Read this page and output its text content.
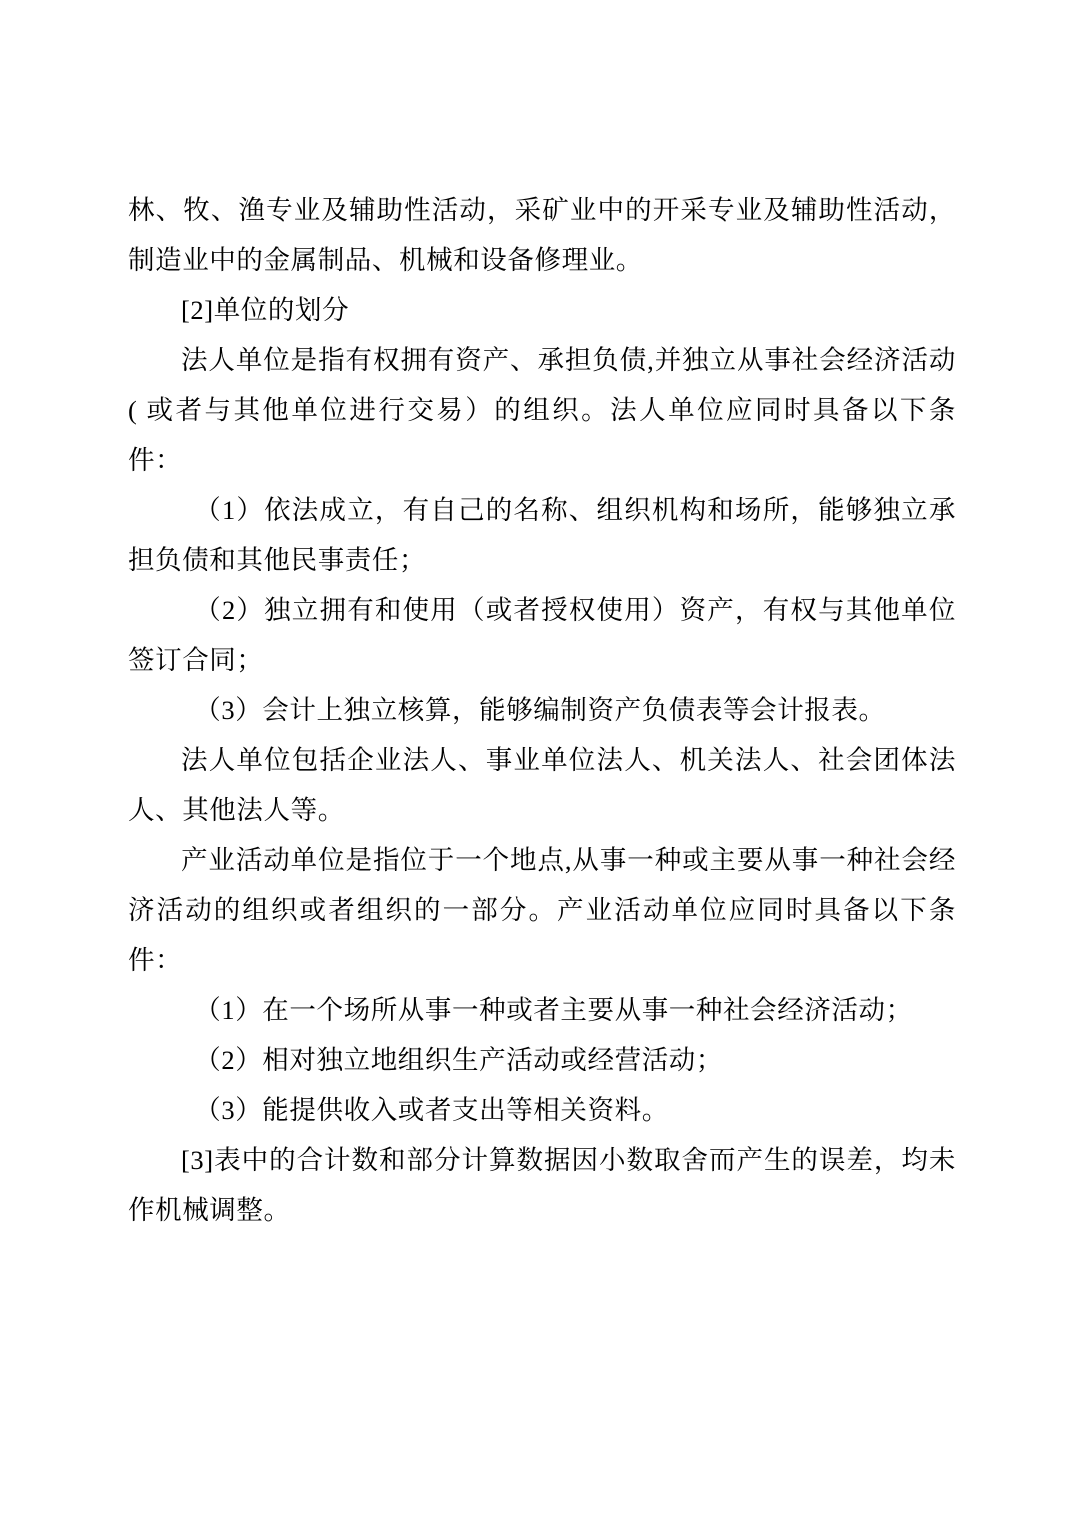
林、牧、渔专业及辅助性活动，采矿业中的开采专业及辅助性活动，制造业中的金属制品、机械和设备修理业。

[2]单位的划分

法人单位是指有权拥有资产、承担负债,并独立从事社会经济活动( 或者与其他单位进行交易）的组织。法人单位应同时具备以下条件：

（1）依法成立，有自己的名称、组织机构和场所，能够独立承担负债和其他民事责任；

（2）独立拥有和使用（或者授权使用）资产，有权与其他单位签订合同；

（3）会计上独立核算，能够编制资产负债表等会计报表。

法人单位包括企业法人、事业单位法人、机关法人、社会团体法人、其他法人等。

产业活动单位是指位于一个地点,从事一种或主要从事一种社会经济活动的组织或者组织的一部分。产业活动单位应同时具备以下条件：

（1）在一个场所从事一种或者主要从事一种社会经济活动；

（2）相对独立地组织生产活动或经营活动；

（3）能提供收入或者支出等相关资料。

[3]表中的合计数和部分计算数据因小数取舍而产生的误差，均未作机械调整。
